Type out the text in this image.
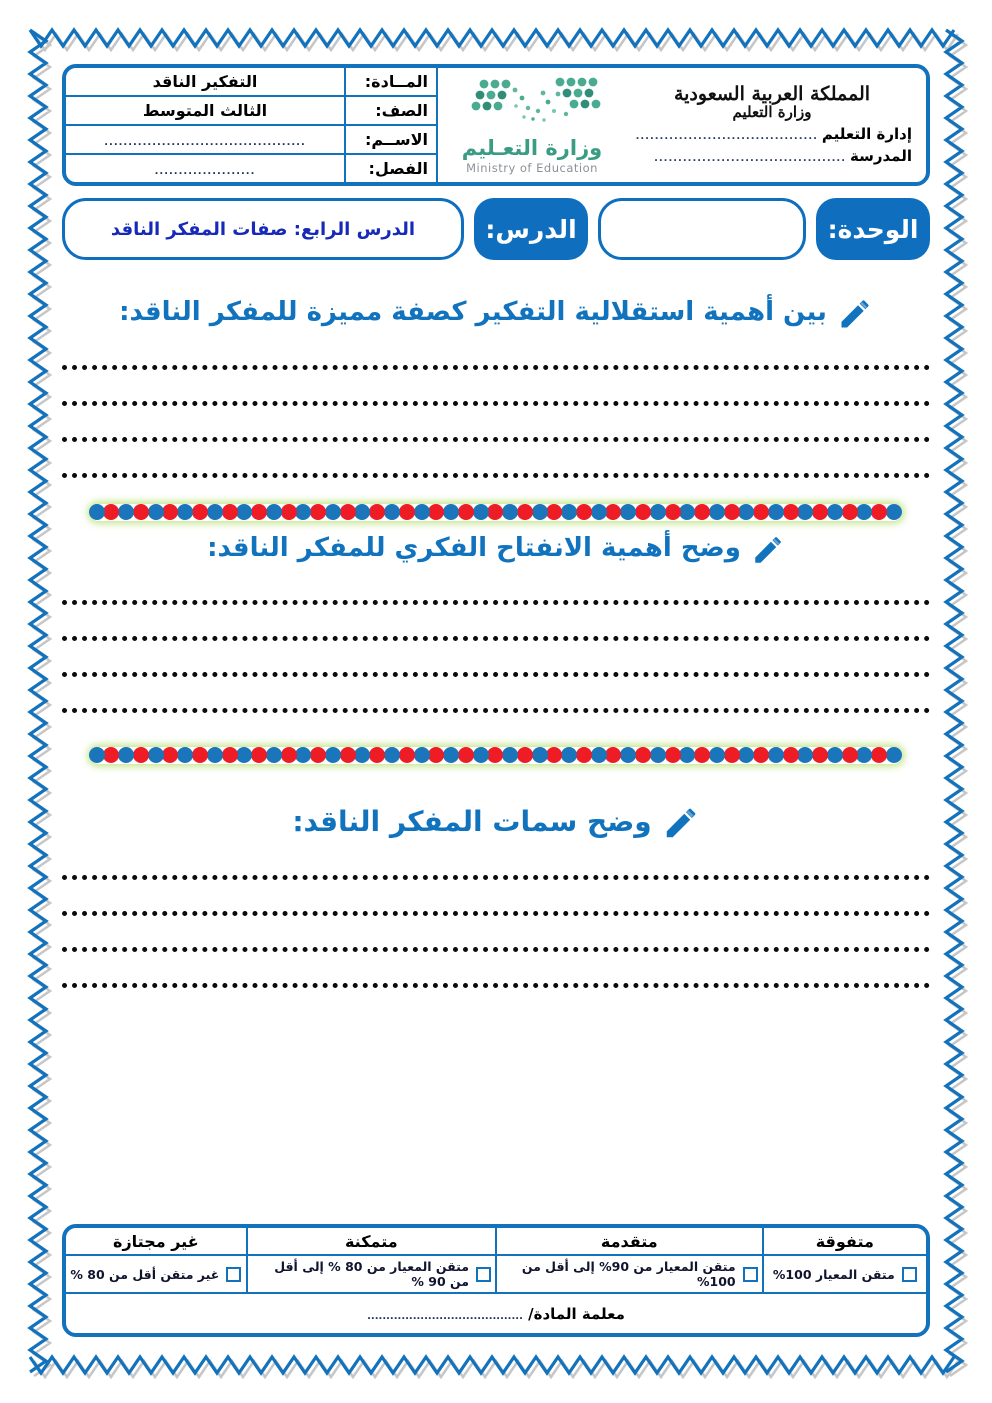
المملكة العربية السعودية
وزارة التعليم
إدارة التعليم
......................................
المدرسة
........................................
وزارة التعـليم
Ministry of Education
المــادة:	التفكير الناقد
الصف:	الثالث المتوسط
الاســم:	..........................................
الفصل:	.....................
الوحدة:
الدرس:
الدرس الرابع: صفات المفكر الناقد
بين أهمية استقلالية التفكير كصفة مميزة للمفكر الناقد:
وضح أهمية الانفتاح الفكري للمفكر الناقد:
وضح سمات المفكر الناقد:
متفوقة	متقدمة	متمكنة	غير مجتازة

متقن المعيار 100%	متقن المعيار من 90% إلى أقل من 100%	متقن المعيار من 80 % إلى أقل من 90 %	غير متقن أقل من 80 %

معلمة المادة/ .........................................			
